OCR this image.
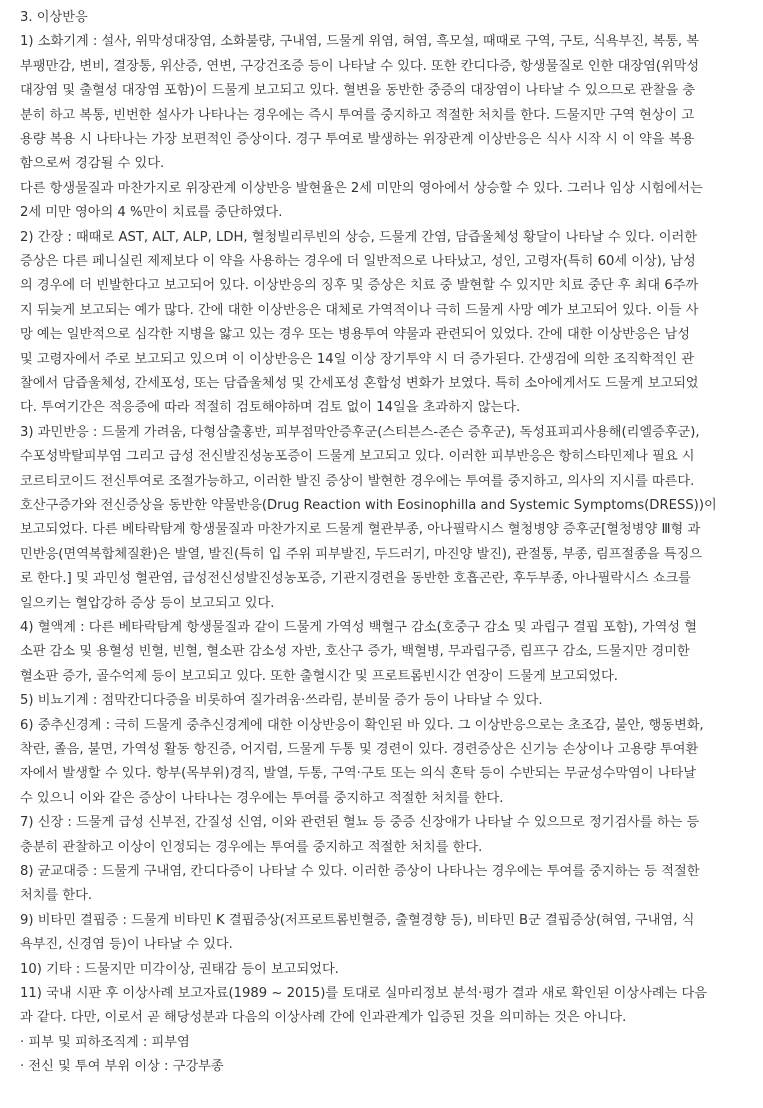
3. 이상반응
1) 소화기계 : 설사, 위막성대장염, 소화불량, 구내염, 드물게 위염, 혀염, 흑모설, 때때로 구역, 구토, 식욕부진, 복통, 복
부팽만감, 변비, 결장통, 위산증, 연변, 구강건조증 등이 나타날 수 있다. 또한 칸디다증, 항생물질로 인한 대장염(위막성
대장염 및 출혈성 대장염 포함)이 드물게 보고되고 있다. 혈변을 동반한 중증의 대장염이 나타날 수 있으므로 관찰을 충
분히 하고 복통, 빈번한 설사가 나타나는 경우에는 즉시 투여를 중지하고 적절한 처치를 한다. 드물지만 구역 현상이 고
용량 복용 시 나타나는 가장 보편적인 증상이다. 경구 투여로 발생하는 위장관계 이상반응은 식사 시작 시 이 약을 복용
함으로써 경감될 수 있다.
다른 항생물질과 마찬가지로 위장관계 이상반응 발현율은 2세 미만의 영아에서 상승할 수 있다. 그러나 임상 시험에서는
2세 미만 영아의 4 %만이 치료를 중단하였다.
2) 간장 : 때때로 AST, ALT, ALP, LDH, 혈청빌리루빈의 상승, 드물게 간염, 담즙울체성 황달이 나타날 수 있다. 이러한
증상은 다른 페니실린 제제보다 이 약을 사용하는 경우에 더 일반적으로 나타났고, 성인, 고령자(특히 60세 이상), 남성
의 경우에 더 빈발한다고 보고되어 있다. 이상반응의 징후 및 증상은 치료 중 발현할 수 있지만 치료 중단 후 최대 6주까
지 뒤늦게 보고되는 예가 많다. 간에 대한 이상반응은 대체로 가역적이나 극히 드물게 사망 예가 보고되어 있다. 이들 사
망 예는 일반적으로 심각한 지병을 앓고 있는 경우 또는 병용투여 약물과 관련되어 있었다. 간에 대한 이상반응은 남성
및 고령자에서 주로 보고되고 있으며 이 이상반응은 14일 이상 장기투약 시 더 증가된다. 간생검에 의한 조직학적인 관
찰에서 담즙울체성, 간세포성, 또는 담즙울체성 및 간세포성 혼합성 변화가 보였다. 특히 소아에게서도 드물게 보고되었
다. 투여기간은 적응증에 따라 적절히 검토해야하며 검토 없이 14일을 초과하지 않는다.
3) 과민반응 : 드물게 가려움, 다형삼출홍반, 피부점막안증후군(스티븐스-존슨 증후군), 독성표피괴사용해(리엘증후군),
수포성박탈피부염 그리고 급성 전신발진성농포증이 드물게 보고되고 있다. 이러한 피부반응은 항히스타민제나 필요 시
코르티코이드 전신투여로 조절가능하고, 이러한 발진 증상이 발현한 경우에는 투여를 중지하고, 의사의 지시를 따른다.
호산구증가와 전신증상을 동반한 약물반응(Drug Reaction with Eosinophilla and Systemic Symptoms(DRESS))이
보고되었다. 다른 베타락탐계 항생물질과 마찬가지로 드물게 혈관부종, 아나필락시스 혈청병양 증후군[혈청병양 Ⅲ형 과
민반응(면역복합체질환)은 발열, 발진(특히 입 주위 피부발진, 두드러기, 마진양 발진), 관절통, 부종, 림프절종을 특징으
로 한다.] 및 과민성 혈관염, 급성전신성발진성농포증, 기관지경련을 동반한 호흡곤란, 후두부종, 아나필락시스 쇼크를
일으키는 혈압강하 증상 등이 보고되고 있다.
4) 혈액계 : 다른 베타락탐계 항생물질과 같이 드물게 가역성 백혈구 감소(호중구 감소 및 과립구 결핍 포함), 가역성 혈
소판 감소 및 용혈성 빈혈, 빈혈, 혈소판 감소성 자반, 호산구 증가, 백혈병, 무과립구증, 림프구 감소, 드물지만 경미한
혈소판 증가, 골수억제 등이 보고되고 있다. 또한 출혈시간 및 프로트롬빈시간 연장이 드물게 보고되었다.
5) 비뇨기계 : 점막칸디다증을 비롯하여 질가려움·쓰라림, 분비물 증가 등이 나타날 수 있다.
6) 중추신경계 : 극히 드물게 중추신경계에 대한 이상반응이 확인된 바 있다. 그 이상반응으로는 초조감, 불안, 행동변화,
착란, 졸음, 불면, 가역성 활동 항진증, 어지럼, 드물게 두통 및 경련이 있다. 경련증상은 신기능 손상이나 고용량 투여환
자에서 발생할 수 있다. 항부(목부위)경직, 발열, 두통, 구역·구토 또는 의식 혼탁 등이 수반되는 무균성수막염이 나타날
수 있으니 이와 같은 증상이 나타나는 경우에는 투여를 중지하고 적절한 처치를 한다.
7) 신장 : 드물게 급성 신부전, 간질성 신염, 이와 관련된 혈뇨 등 중증 신장애가 나타날 수 있으므로 정기검사를 하는 등
충분히 관찰하고 이상이 인정되는 경우에는 투여를 중지하고 적절한 처치를 한다.
8) 균교대증 : 드물게 구내염, 칸디다증이 나타날 수 있다. 이러한 증상이 나타나는 경우에는 투여를 중지하는 등 적절한
처치를 한다.
9) 비타민 결핍증 : 드물게 비타민 K 결핍증상(저프로트롬빈혈증, 출혈경향 등), 비타민 B군 결핍증상(혀염, 구내염, 식
욕부진, 신경염 등)이 나타날 수 있다.
10) 기타 : 드물지만 미각이상, 권태감 등이 보고되었다.
11) 국내 시판 후 이상사례 보고자료(1989 ~ 2015)를 토대로 실마리정보 분석·평가 결과 새로 확인된 이상사례는 다음
과 같다. 다만, 이로서 곧 해당성분과 다음의 이상사례 간에 인과관계가 입증된 것을 의미하는 것은 아니다.
· 피부 및 피하조직계 : 피부염
· 전신 및 투여 부위 이상 : 구강부종
